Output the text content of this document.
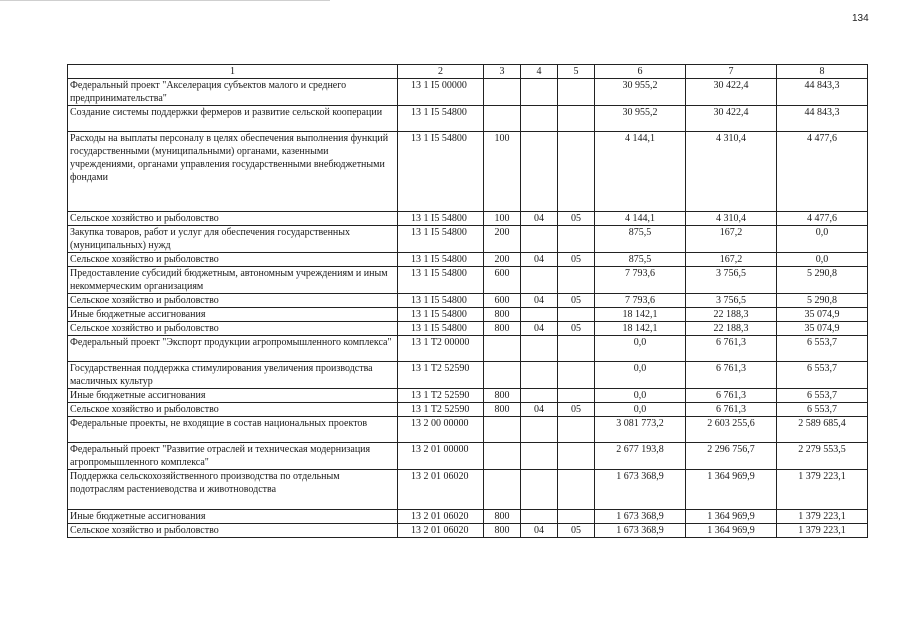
134
1	2	3	4	5	6	7	8
Федеральный проект "Акселерация субъектов малого и среднего предпринимательства"	13 1 I5 00000				30 955,2	30 422,4	44 843,3
Создание системы поддержки фермеров и развитие сельской кооперации	13 1 I5 54800				30 955,2	30 422,4	44 843,3
Расходы на выплаты персоналу в целях обеспечения выполнения функций государственными (муниципальными) органами, казенными учреждениями, органами управления государственными внебюджетными фондами	13 1 I5 54800	100			4 144,1	4 310,4	4 477,6
Сельское хозяйство и рыболовство	13 1 I5 54800	100	04	05	4 144,1	4 310,4	4 477,6
Закупка товаров, работ и услуг для обеспечения государственных (муниципальных) нужд	13 1 I5 54800	200			875,5	167,2	0,0
Сельское хозяйство и рыболовство	13 1 I5 54800	200	04	05	875,5	167,2	0,0
Предоставление субсидий бюджетным, автономным учреждениям и иным некоммерческим организациям	13 1 I5 54800	600			7 793,6	3 756,5	5 290,8
Сельское хозяйство и рыболовство	13 1 I5 54800	600	04	05	7 793,6	3 756,5	5 290,8
Иные бюджетные ассигнования	13 1 I5 54800	800			18 142,1	22 188,3	35 074,9
Сельское хозяйство и рыболовство	13 1 I5 54800	800	04	05	18 142,1	22 188,3	35 074,9
Федеральный проект "Экспорт продукции агропромышленного комплекса"	13 1 T2 00000				0,0	6 761,3	6 553,7
Государственная поддержка стимулирования увеличения производства масличных культур	13 1 T2 52590				0,0	6 761,3	6 553,7
Иные бюджетные ассигнования	13 1 T2 52590	800			0,0	6 761,3	6 553,7
Сельское хозяйство и рыболовство	13 1 T2 52590	800	04	05	0,0	6 761,3	6 553,7
Федеральные проекты, не входящие в состав национальных проектов	13 2 00 00000				3 081 773,2	2 603 255,6	2 589 685,4
Федеральный проект "Развитие отраслей и техническая модернизация агропромышленного комплекса"	13 2 01 00000				2 677 193,8	2 296 756,7	2 279 553,5
Поддержка сельскохозяйственного производства по отдельным подотраслям растениеводства и животноводства	13 2 01 06020				1 673 368,9	1 364 969,9	1 379 223,1
Иные бюджетные ассигнования	13 2 01 06020	800			1 673 368,9	1 364 969,9	1 379 223,1
Сельское хозяйство и рыболовство	13 2 01 06020	800	04	05	1 673 368,9	1 364 969,9	1 379 223,1
